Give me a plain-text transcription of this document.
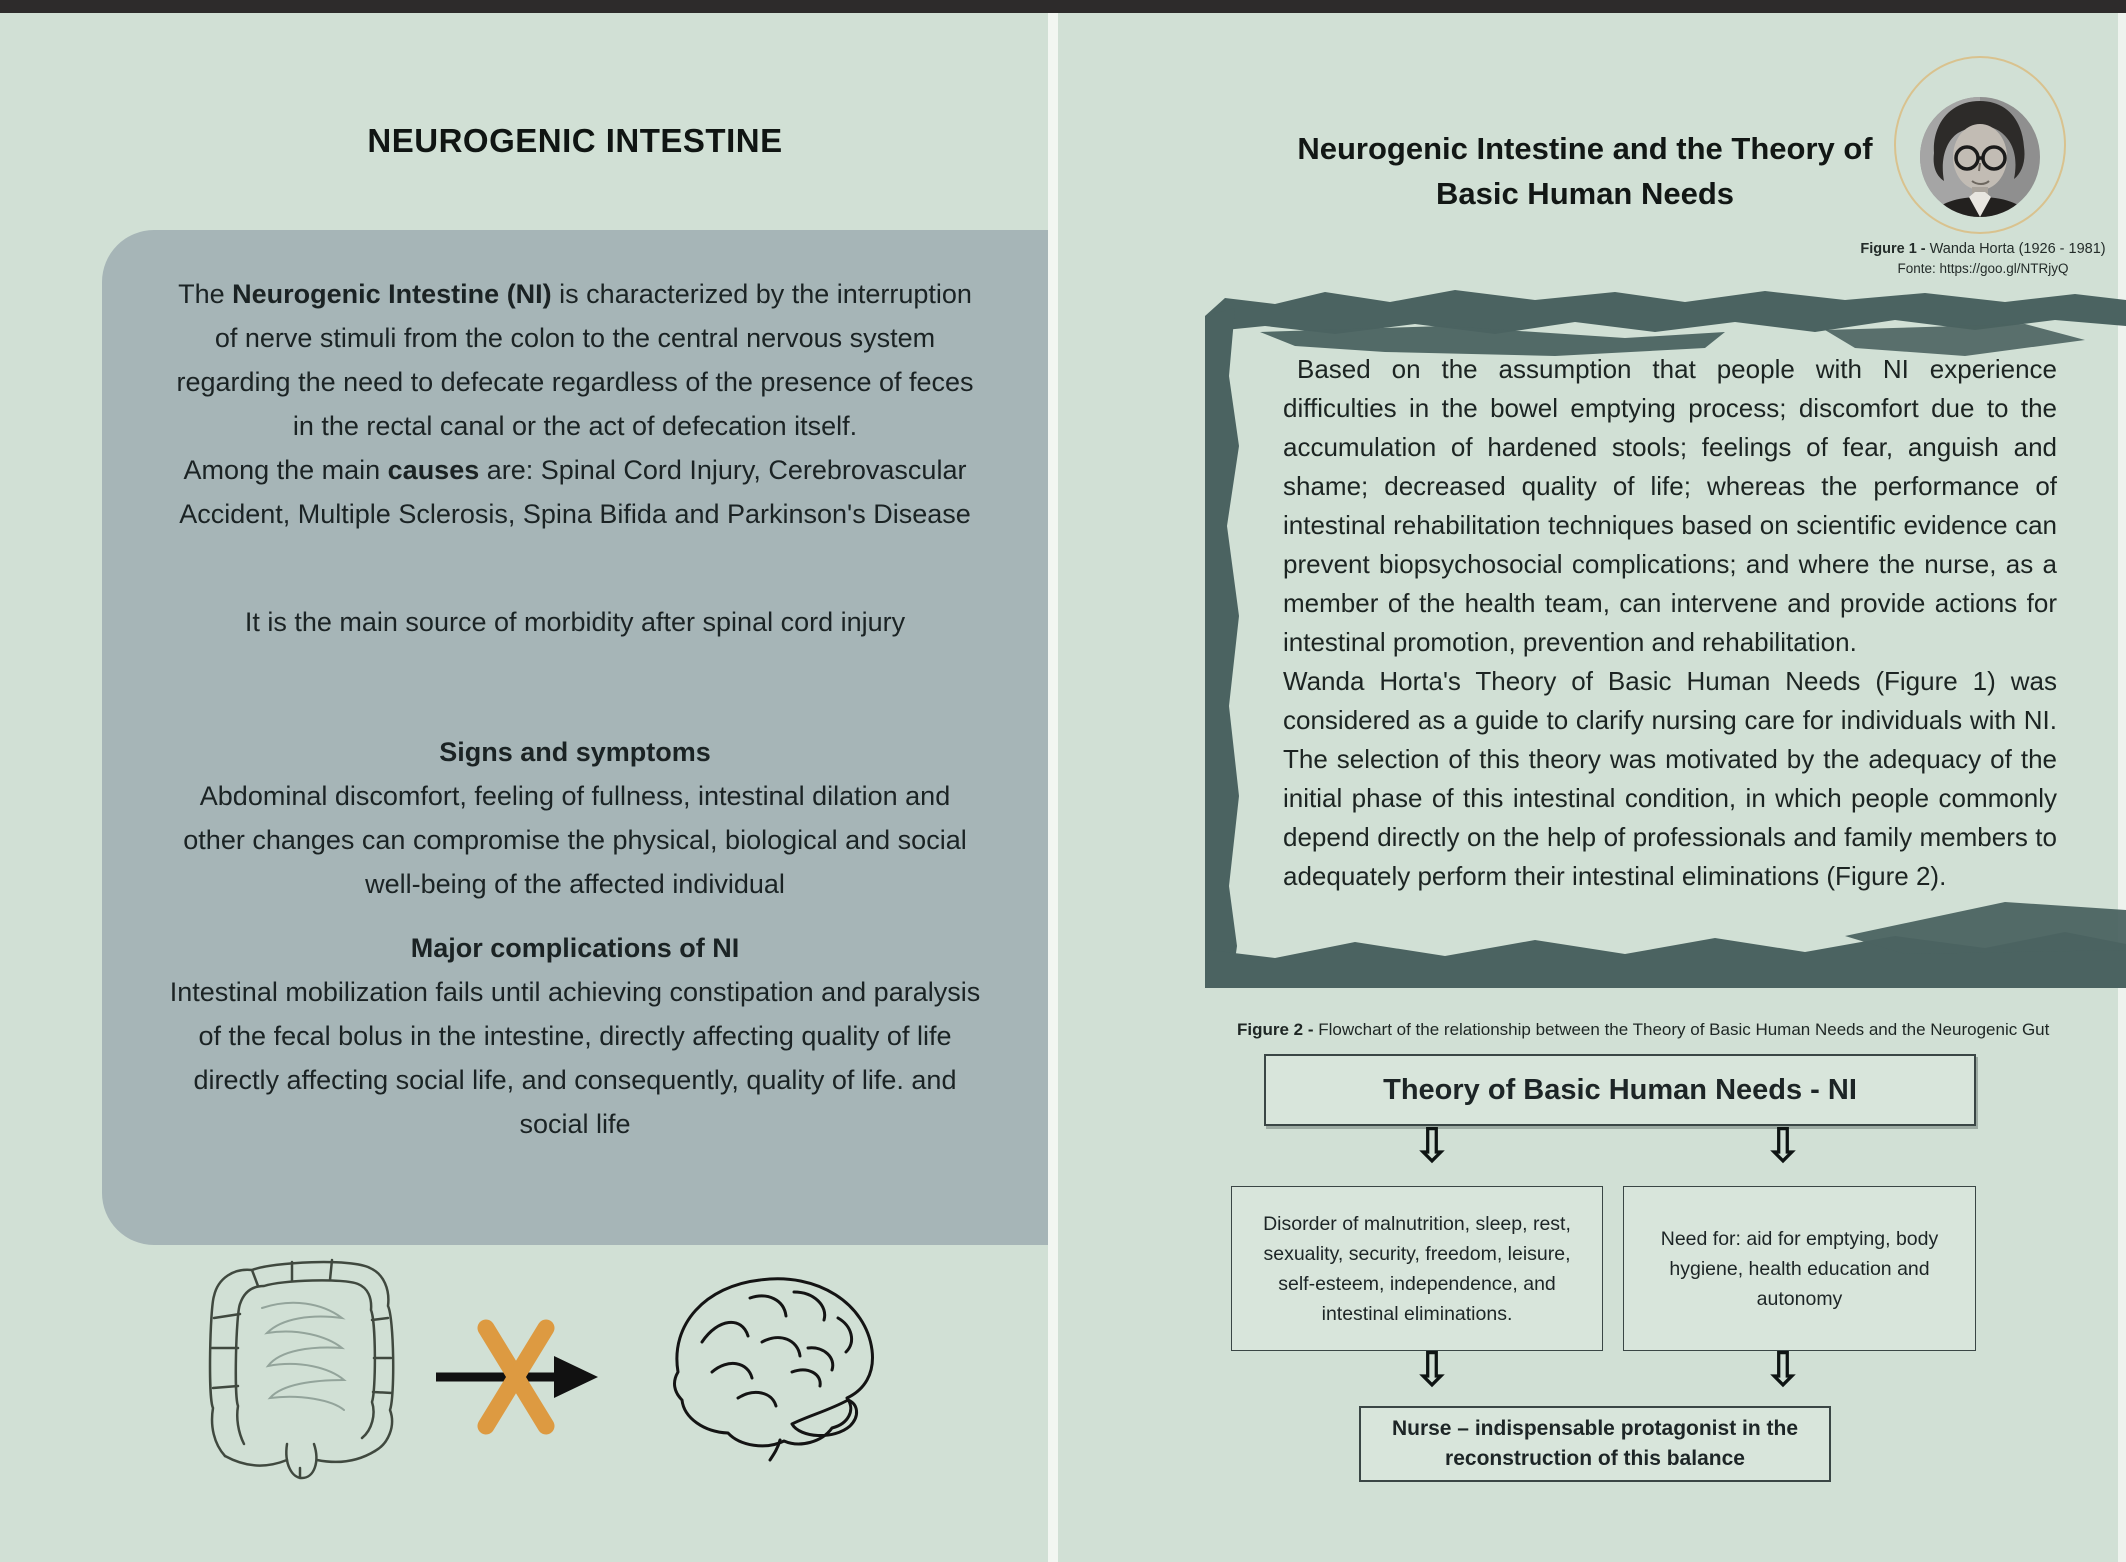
NEUROGENIC INTESTINE

The Neurogenic Intestine (NI) is characterized by the interruption of nerve stimuli from the colon to the central nervous system regarding the need to defecate regardless of the presence of feces in the rectal canal or the act of defecation itself.

Among the main causes are: Spinal Cord Injury, Cerebrovascular Accident, Multiple Sclerosis, Spina Bifida and Parkinson's Disease

It is the main source of morbidity after spinal cord injury

Signs and symptoms

Abdominal discomfort, feeling of fullness, intestinal dilation and other changes can compromise the physical, biological and social well-being of the affected individual

Major complications of NI

Intestinal mobilization fails until achieving constipation and paralysis of the fecal bolus in the intestine, directly affecting quality of life directly affecting social life, and consequently, quality of life. and social life

Neurogenic Intestine and the Theory of
Basic Human Needs
Figure 1 - Wanda Horta (1926 - 1981)
Fonte: https://goo.gl/NTRjyQ

Based on the assumption that people with NI experience difficulties in the bowel emptying process; discomfort due to the accumulation of hardened stools; feelings of fear, anguish and shame; decreased quality of life; whereas the performance of intestinal rehabilitation techniques based on scientific evidence can prevent biopsychosocial complications; and where the nurse, as a member of the health team, can intervene and provide actions for intestinal promotion, prevention and rehabilitation.

Wanda Horta's Theory of Basic Human Needs (Figure 1) was considered as a guide to clarify nursing care for individuals with NI. The selection of this theory was motivated by the adequacy of the initial phase of this intestinal condition, in which people commonly depend directly on the help of professionals and family members to adequately perform their intestinal eliminations (Figure 2).

Figure 2 - Flowchart of the relationship between the Theory of Basic Human Needs and the Neurogenic Gut
Theory of Basic Human Needs - NI
⇩	⇩
Disorder of malnutrition, sleep, rest, sexuality, security, freedom, leisure, self-esteem, independence, and intestinal eliminations.
Need for: aid for emptying, body hygiene, health education and autonomy
⇩	⇩
Nurse – indispensable protagonist in the reconstruction of this balance
